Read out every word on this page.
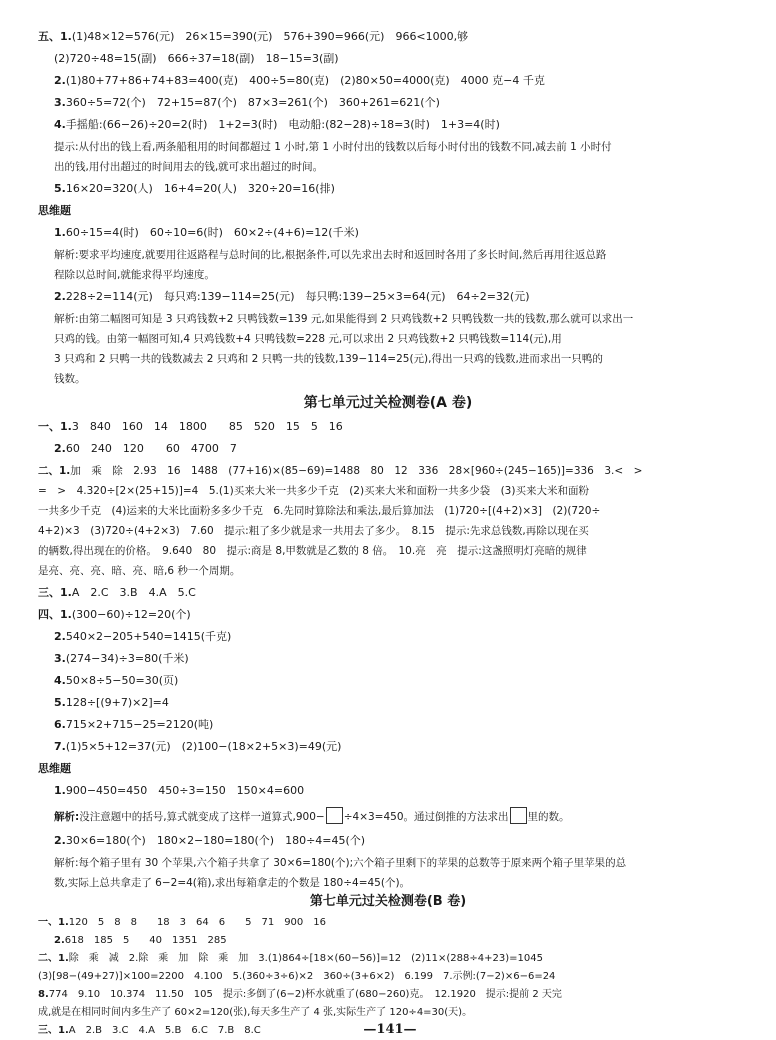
五、1.(1)48×12=576(元)　26×15=390(元)　576+390=966(元)　966<1000,够
(2)720÷48=15(副)　666÷37=18(副)　18−15=3(副)
2.(1)80+77+86+74+83=400(克)　400÷5=80(克)　(2)80×50=4000(克)　4000 克−4 千克
3.360÷5=72(个)　72+15=87(个)　87×3=261(个)　360+261=621(个)
4.手摇船:(66−26)÷20=2(时)　1+2=3(时)　电动船:(82−28)÷18=3(时)　1+3=4(时)
提示:从付出的钱上看,两条船租用的时间都超过 1 小时,第 1 小时付出的钱数以后每小时付出的钱数不同,减去前 1 小时付
出的钱,用付出超过的时间用去的钱,就可求出超过的时间。
5.16×20=320(人)　16+4=20(人)　320÷20=16(排)
思维题
1.60÷15=4(时)　60÷10=6(时)　60×2÷(4+6)=12(千米)
解析:要求平均速度,就要用往返路程与总时间的比,根据条件,可以先求出去时和返回时各用了多长时间,然后再用往返总路
程除以总时间,就能求得平均速度。
2.228÷2=114(元)　每只鸡:139−114=25(元)　每只鸭:139−25×3=64(元)　64÷2=32(元)
解析:由第二幅图可知是 3 只鸡钱数+2 只鸭钱数=139 元,如果能得到 2 只鸡钱数+2 只鸭钱数一共的钱数,那么就可以求出一
只鸡的钱。由第一幅图可知,4 只鸡钱数+4 只鸭钱数=228 元,可以求出 2 只鸡钱数+2 只鸭钱数=114(元),用
3 只鸡和 2 只鸭一共的钱数减去 2 只鸡和 2 只鸭一共的钱数,139−114=25(元),得出一只鸡的钱数,进而求出一只鸭的
钱数。
第七单元过关检测卷(A 卷)
一、1.3　840　160　14　1800　　85　520　15　5　16
2.60　240　120　　60　4700　7
二、1.加　乘　除　2.93　16　1488　(77+16)×(85−69)=1488　80　12　336　28×[960÷(245−165)]=336　3.<　>
=　>　4.320÷[2×(25+15)]=4　5.(1)买来大米一共多少千克　(2)买来大米和面粉一共多少袋　(3)买来大米和面粉
一共多少千克　(4)运来的大米比面粉多多少千克　6.先同时算除法和乘法,最后算加法　(1)720÷[(4+2)×3]　(2)(720÷
4+2)×3　(3)720÷(4+2×3)　7.60　提示:粗了多少就是求一共用去了多少。　8.15　提示:先求总钱数,再除以现在买
的辆数,得出现在的价格。　9.640　80　提示:商是 8,甲数就是乙数的 8 倍。　10.亮　亮　提示:这盏照明灯亮暗的规律
是亮、亮、亮、暗、亮、暗,6 秒一个周期。
三、1.A　2.C　3.B　4.A　5.C
四、1.(300−60)÷12=20(个)
2.540×2−205+540=1415(千克)
3.(274−34)÷3=80(千米)
4.50×8÷5−50=30(页)
5.128÷[(9+7)×2]=4
6.715×2+715−25=2120(吨)
7.(1)5×5+12=37(元)　(2)100−(18×2+5×3)=49(元)
思维题
1.900−450=450　450÷3=150　150×4=600
解析:没注意题中的括号,算式就变成了这样一道算式,900− ÷4×3=450。通过倒推的方法求出 里的数。
2.30×6=180(个)　180×2−180=180(个)　180÷4=45(个)
解析:每个箱子里有 30 个苹果,六个箱子共拿了 30×6=180(个);六个箱子里剩下的苹果的总数等于原来两个箱子里苹果的总
数,实际上总共拿走了 6−2=4(箱),求出每箱拿走的个数是 180÷4=45(个)。
第七单元过关检测卷(B 卷)
一、1.120　5　8　8　　18　3　64　6　　5　71　900　16
2.618　185　5　　40　1351　285
二、1.除　乘　减　2.除　乘　加　除　乘　加　3.(1)864÷[18×(60−56)]=12　(2)11×(288÷4+23)=1045
(3)[98−(49+27)]×100=2200　4.100　5.(360÷3÷6)×2　360÷(3+6×2)　6.199　7.示例:(7−2)×6−6=24
8.774　9.10　10.374　11.50　105　提示:多倒了(6−2)杯水就重了(680−260)克。　12.1920　提示:提前 2 天完
成,就是在相同时间内多生产了 60×2=120(张),每天多生产了 4 张,实际生产了 120÷4=30(天)。
三、1.A　2.B　3.C　4.A　5.B　6.C　7.B　8.C	—141—
